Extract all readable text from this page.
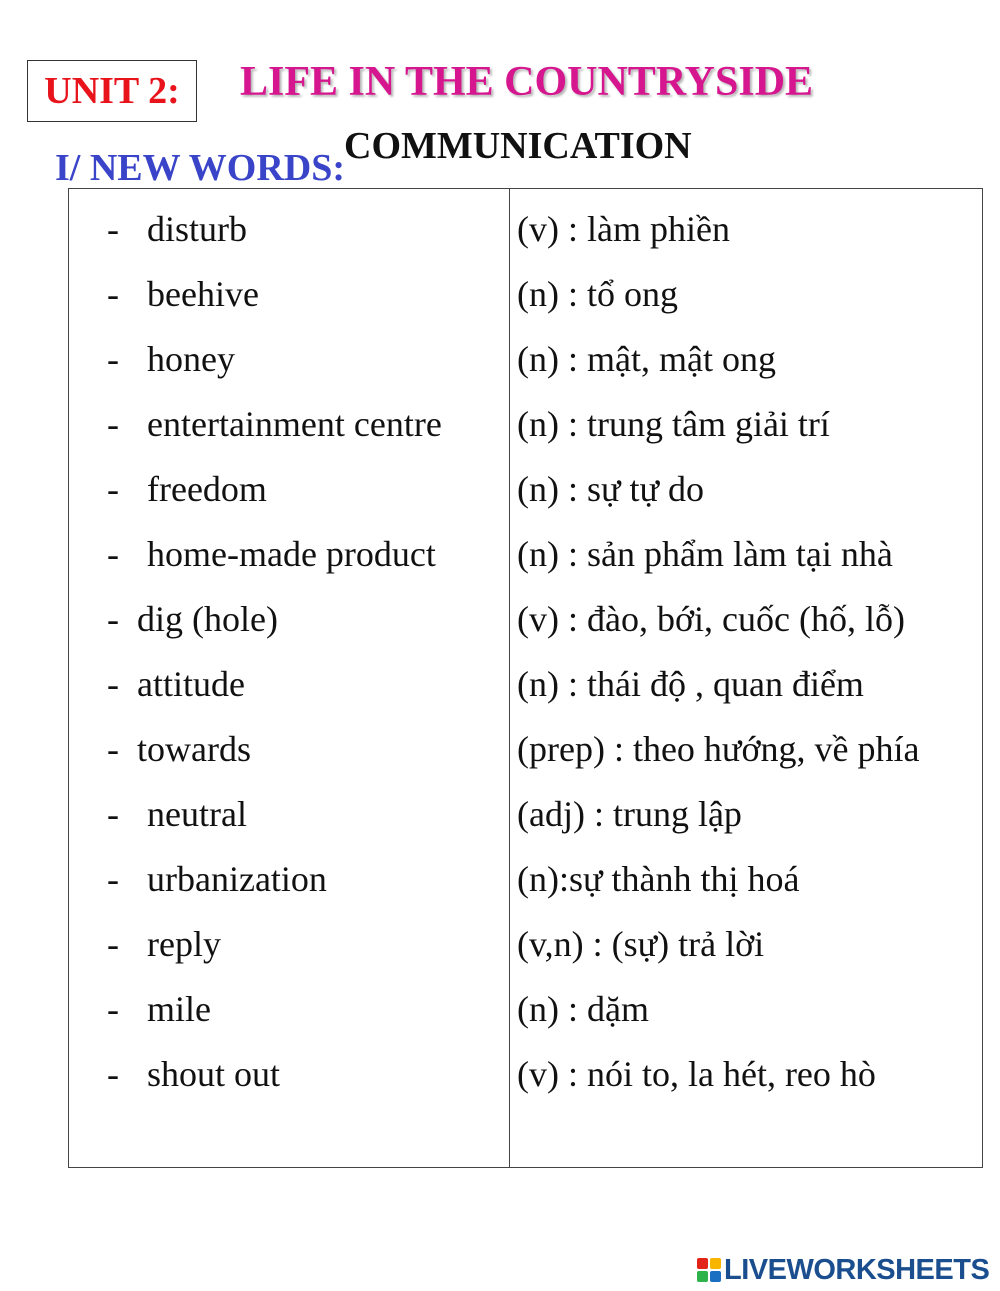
UNIT 2: LIFE IN THE COUNTRYSIDE
COMMUNICATION
I/ NEW WORDS:
- disturb	(v) : làm phiền
- beehive	(n) : tổ ong
- honey	(n) : mật, mật ong
- entertainment centre (n) : trung tâm giải trí
- freedom	(n) : sự tự do
- home-made product (n) : sản phẩm làm tại nhà
- dig (hole)	(v) : đào, bới, cuốc (hố, lỗ)
- attitude	(n) : thái độ , quan điểm
- towards	(prep) : theo hướng, về phía
- neutral	(adj) : trung lập
- urbanization	(n):sự thành thị hoá
- reply	(v,n) : (sự) trả lời
- mile	(n) : dặm
- shout out	(v) : nói to, la hét, reo hò
LIVEWORKSHEETS
